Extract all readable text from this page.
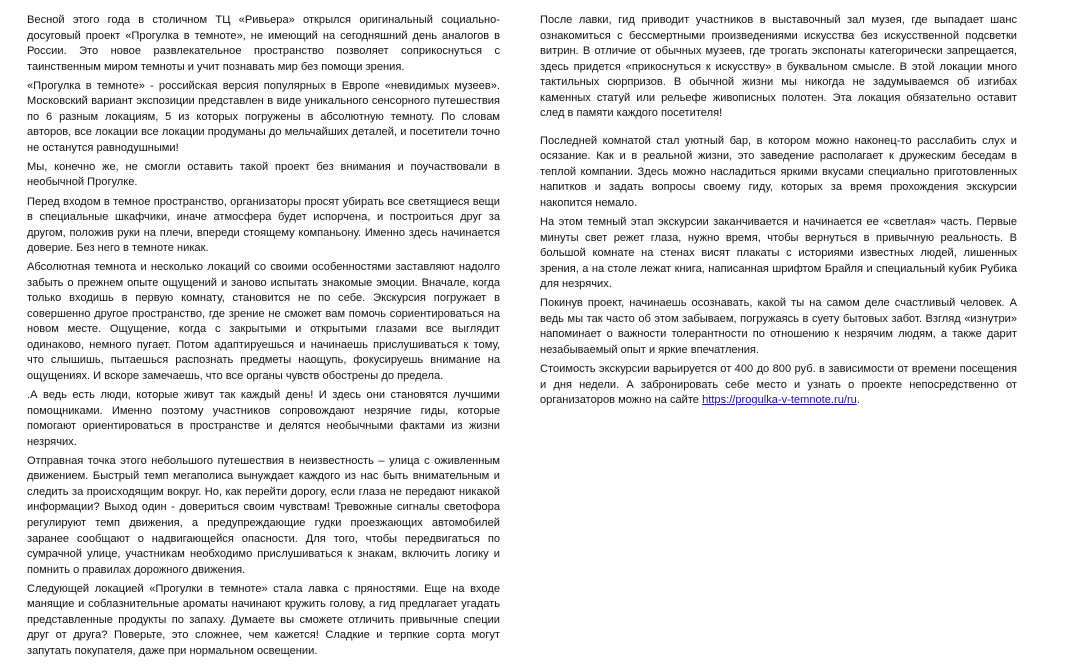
Весной этого года в столичном ТЦ «Ривьера» открылся оригинальный социально-досуговый проект «Прогулка в темноте», не имеющий на сегодняшний день аналогов в России. Это новое развлекательное пространство позволяет соприкоснуться с таинственным миром темноты и учит познавать мир без помощи зрения.

«Прогулка в темноте» - российская версия популярных в Европе «невидимых музеев». Московский вариант экспозиции представлен в виде уникального сенсорного путешествия по 6 разным локациям, 5 из которых погружены в абсолютную темноту. По словам авторов, все локации все локации продуманы до мельчайших деталей, и посетители точно не останутся равнодушными!

Мы, конечно же, не смогли оставить такой проект без внимания и поучаствовали в необычной Прогулке.

Перед входом в темное пространство, организаторы просят убирать все светящиеся вещи в специальные шкафчики, иначе атмосфера будет испорчена, и построиться друг за другом, положив руки на плечи, впереди стоящему компаньону. Именно здесь начинается доверие. Без него в темноте никак.

Абсолютная темнота и несколько локаций со своими особенностями заставляют надолго забыть о прежнем опыте ощущений и заново испытать знакомые эмоции. Вначале, когда только входишь в первую комнату, становится не по себе. Экскурсия погружает в совершенно другое пространство, где зрение не сможет вам помочь сориентироваться на новом месте. Ощущение, когда с закрытыми и открытыми глазами все выглядит одинаково, немного пугает. Потом адаптируешься и начинаешь прислушиваться к тому, что слышишь, пытаешься распознать предметы наощупь, фокусируешь внимание на ощущениях. И вскоре замечаешь, что все органы чувств обострены до предела.

.А ведь есть люди, которые живут так каждый день! И здесь они становятся лучшими помощниками. Именно поэтому участников сопровождают незрячие гиды, которые помогают ориентироваться в пространстве и делятся необычными фактами из жизни незрячих.

Отправная точка этого небольшого путешествия в неизвестность – улица с оживленным движением. Быстрый темп мегаполиса вынуждает каждого из нас быть внимательным и следить за происходящим вокруг. Но, как перейти дорогу, если глаза не передают никакой информации? Выход один - довериться своим чувствам! Тревожные сигналы светофора регулируют темп движения, а предупреждающие гудки проезжающих автомобилей заранее сообщают о надвигающейся опасности. Для того, чтобы передвигаться по сумрачной улице, участникам необходимо прислушиваться к знакам, включить логику и помнить о правилах дорожного движения.

Следующей локацией «Прогулки в темноте» стала лавка с пряностями. Еще на входе манящие и соблазнительные ароматы начинают кружить голову, а гид предлагает угадать представленные продукты по запаху. Думаете вы сможете отличить привычные специи друг от друга? Поверьте, это сложнее, чем кажется! Сладкие и терпкие сорта могут запутать покупателя, даже при нормальном освещении.

После лавки, гид приводит участников в выставочный зал музея, где выпадает шанс ознакомиться с бессмертными произведениями искусства без искусственной подсветки витрин. В отличие от обычных музеев, где трогать экспонаты категорически запрещается, здесь придется «прикоснуться к искусству» в буквальном смысле. В этой локации много тактильных сюрпризов. В обычной жизни мы никогда не задумываемся об изгибах каменных статуй или рельефе живописных полотен. Эта локация обязательно оставит след в памяти каждого посетителя!

Последней комнатой стал уютный бар, в котором можно наконец-то расслабить слух и осязание. Как и в реальной жизни, это заведение располагает к дружеским беседам в теплой компании. Здесь можно насладиться яркими вкусами специально приготовленных напитков и задать вопросы своему гиду, которых за время прохождения экскурсии накопится немало.

На этом темный этап экскурсии заканчивается и начинается ее «светлая» часть. Первые минуты свет режет глаза, нужно время, чтобы вернуться в привычную реальность. В большой комнате на стенах висят плакаты с историями известных людей, лишенных зрения, а на столе лежат книга, написанная шрифтом Брайля и специальный кубик Рубика для незрячих.

Покинув проект, начинаешь осознавать, какой ты на самом деле счастливый человек. А ведь мы так часто об этом забываем, погружаясь в суету бытовых забот. Взгляд «изнутри» напоминает о важности толерантности по отношению к незрячим людям, а также дарит незабываемый опыт и яркие впечатления.

Стоимость экскурсии варьируется от 400 до 800 руб. в зависимости от времени посещения и дня недели. А забронировать себе место и узнать о проекте непосредственно от организаторов можно на сайте https://progulka-v-temnote.ru/ru.
